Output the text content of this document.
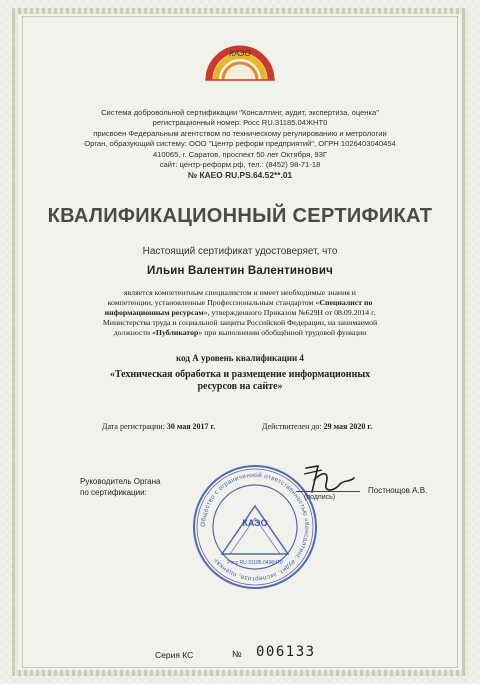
КАЭО
Система добровольной сертификации "Консалтинг, аудит, экспертиза, оценка"
регистрационный номер: Росс RU.31185.04ЖНТ0
присвоен Федеральным агентством по техническому регулированию и метрологии
Орган, образующий систему: ООО "Центр реформ предприятий", ОГРН 1026403040454
410065, г. Саратов, проспект 50 лет Октября, 93Г
сайт: центр-реформ.рф, тел.: (8452) 98-71-18
№ КАЕО RU.PS.64.52**.01
КВАЛИФИКАЦИОННЫЙ СЕРТИФИКАТ
Настоящий сертификат удостоверяет, что
Ильин Валентин Валентинович
является компетентным специалистом и имеет необходимые знания и
компетенции, установленные Профессиональным стандартом «Специалист по
информационным ресурсам», утвержденного Приказом №629Н от 08.09.2014 г.
Министерства труда и социальной защиты Российской Федерации, на занимаемой
должности «Публикатор» при выполнении обобщённой трудовой функции
код А уровень квалификации 4
«Техническая обработка и размещение информационных
ресурсов на сайте»
Дата регистрации: 30 мая 2017 г.	Действителен до: 29 мая 2020 г.
Общество с ограниченной ответственностью «Консалтинг, аудит, экспертиза, оценка»
КАЭО
Росс RU.31185.04ЖНТ0
Руководитель Органа
по сертификации:
(подпись)
Постнощов А.В.
Серия КС	№ 006133
